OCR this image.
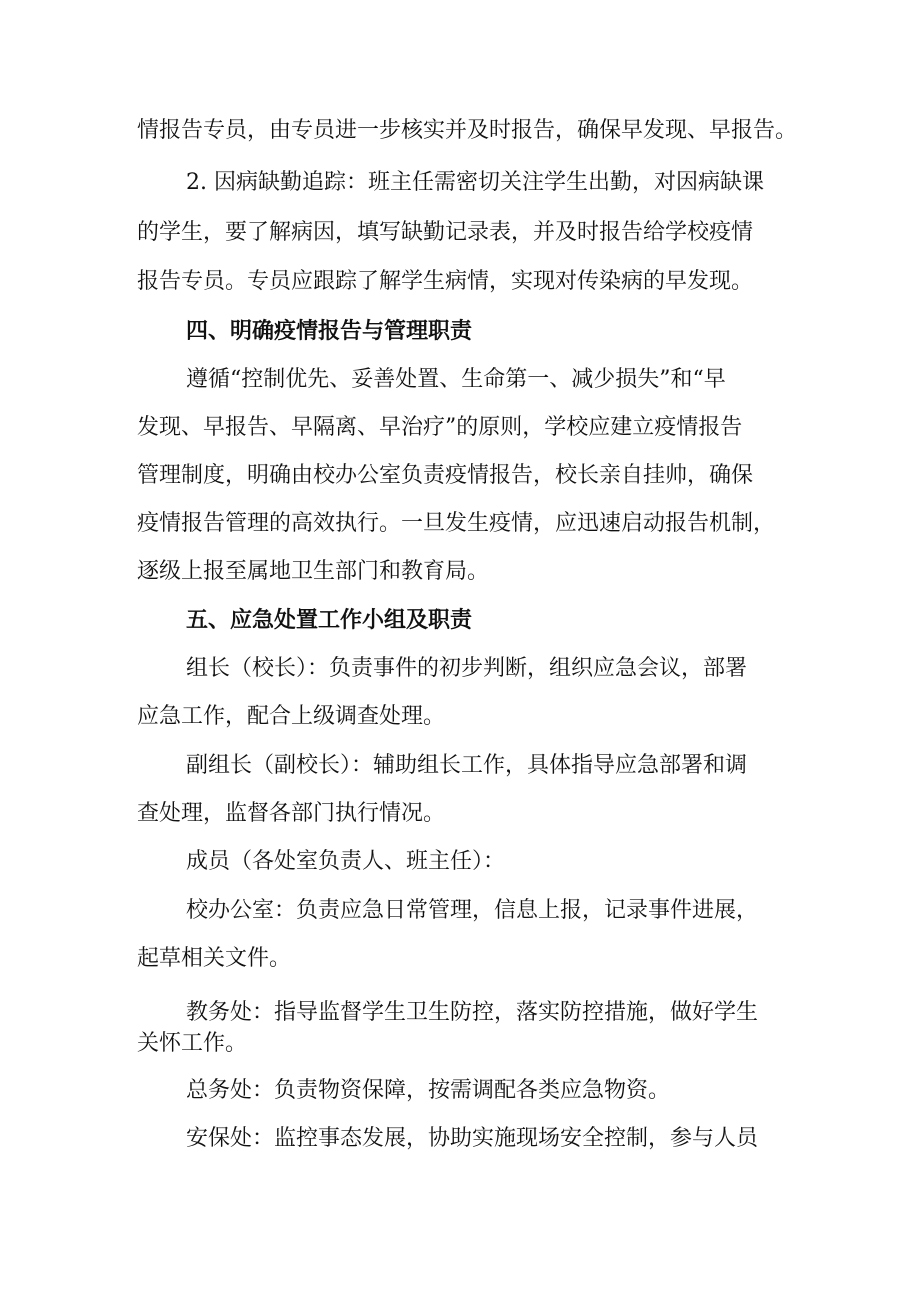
情报告专员，由专员进一步核实并及时报告，确保早发现、早报告。
2. 因病缺勤追踪：班主任需密切关注学生出勤，对因病缺课
的学生，要了解病因，填写缺勤记录表，并及时报告给学校疫情
报告专员。专员应跟踪了解学生病情，实现对传染病的早发现。
四、明确疫情报告与管理职责
遵循“控制优先、妥善处置、生命第一、减少损失”和“早
发现、早报告、早隔离、早治疗”的原则，学校应建立疫情报告
管理制度，明确由校办公室负责疫情报告，校长亲自挂帅，确保
疫情报告管理的高效执行。一旦发生疫情，应迅速启动报告机制，
逐级上报至属地卫生部门和教育局。
五、应急处置工作小组及职责
组长（校长）：负责事件的初步判断，组织应急会议，部署
应急工作，配合上级调查处理。
副组长（副校长）：辅助组长工作，具体指导应急部署和调
查处理，监督各部门执行情况。
成员（各处室负责人、班主任）：
校办公室：负责应急日常管理，信息上报，记录事件进展，
起草相关文件。
教务处：指导监督学生卫生防控，落实防控措施，做好学生
关怀工作。
总务处：负责物资保障，按需调配各类应急物资。
安保处：监控事态发展，协助实施现场安全控制，参与人员
